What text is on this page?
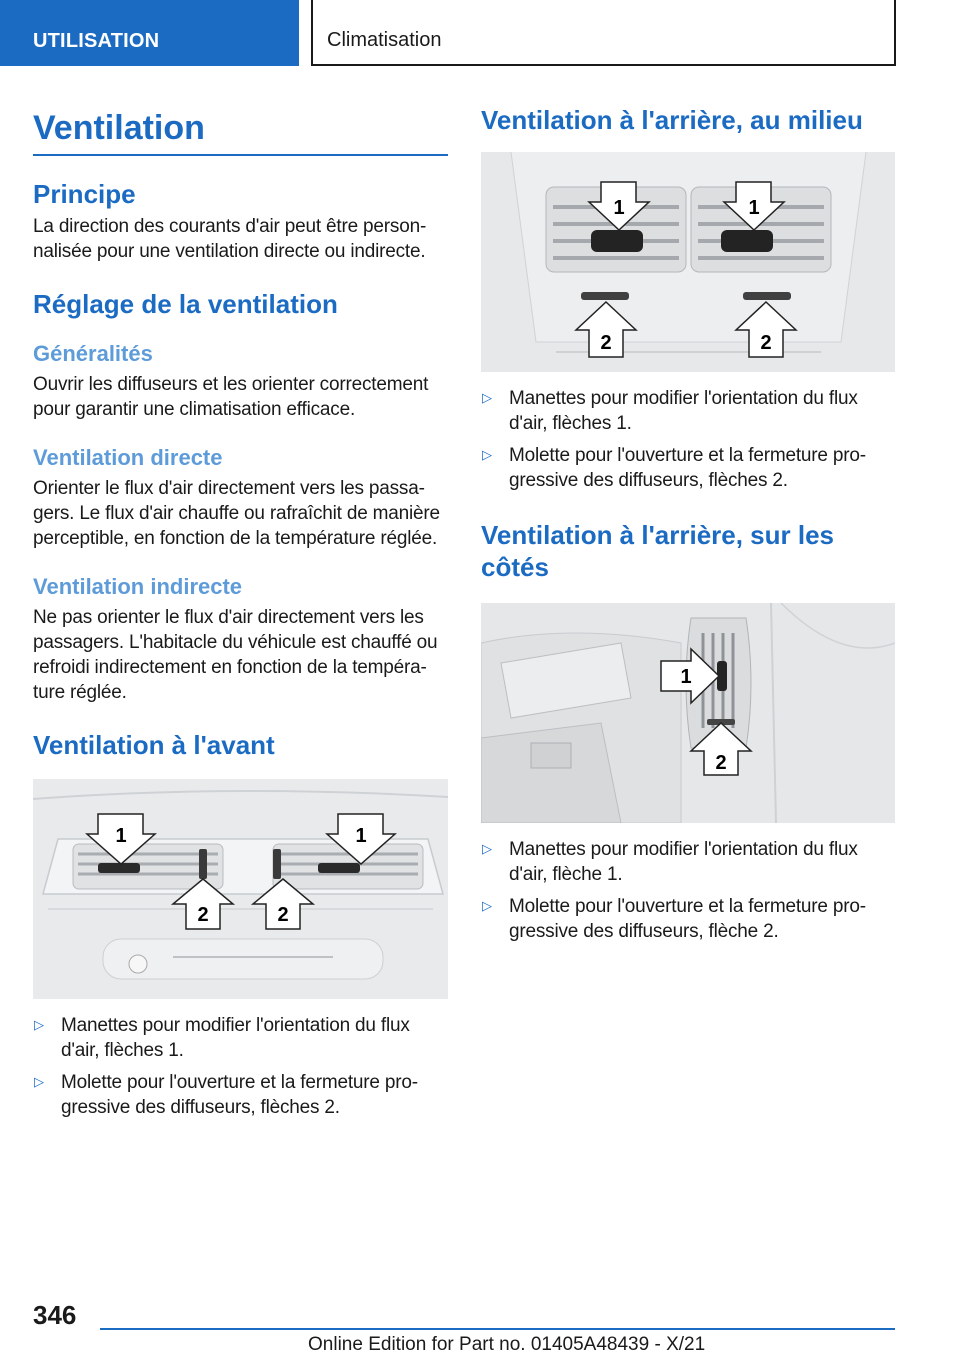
UTILISATION	Climatisation
Ventilation
Principe

La direction des courants d'air peut être personnalisée pour une ventilation directe ou indirecte.

Réglage de la ventilation
Généralités

Ouvrir les diffuseurs et les orienter correctement pour garantir une climatisation efficace.

Ventilation directe

Orienter le flux d'air directement vers les passagers. Le flux d'air chauffe ou rafraîchit de manière perceptible, en fonction de la température réglée.

Ventilation indirecte

Ne pas orienter le flux d'air directement vers les passagers. L'habitacle du véhicule est chauffé ou refroidi indirectement en fonction de la température réglée.

Ventilation à l'avant
1	1
2	2
▷ Manettes pour modifier l'orientation du flux d'air, flèches 1.
▷ Molette pour l'ouverture et la fermeture progressive des diffuseurs, flèches 2.
Ventilation à l'arrière, au milieu
1	1
2	2
▷ Manettes pour modifier l'orientation du flux d'air, flèches 1.
▷ Molette pour l'ouverture et la fermeture progressive des diffuseurs, flèches 2.
Ventilation à l'arrière, sur les côtés
1
2
▷ Manettes pour modifier l'orientation du flux d'air, flèche 1.
▷ Molette pour l'ouverture et la fermeture progressive des diffuseurs, flèche 2.
346
Online Edition for Part no. 01405A48439 - X/21
